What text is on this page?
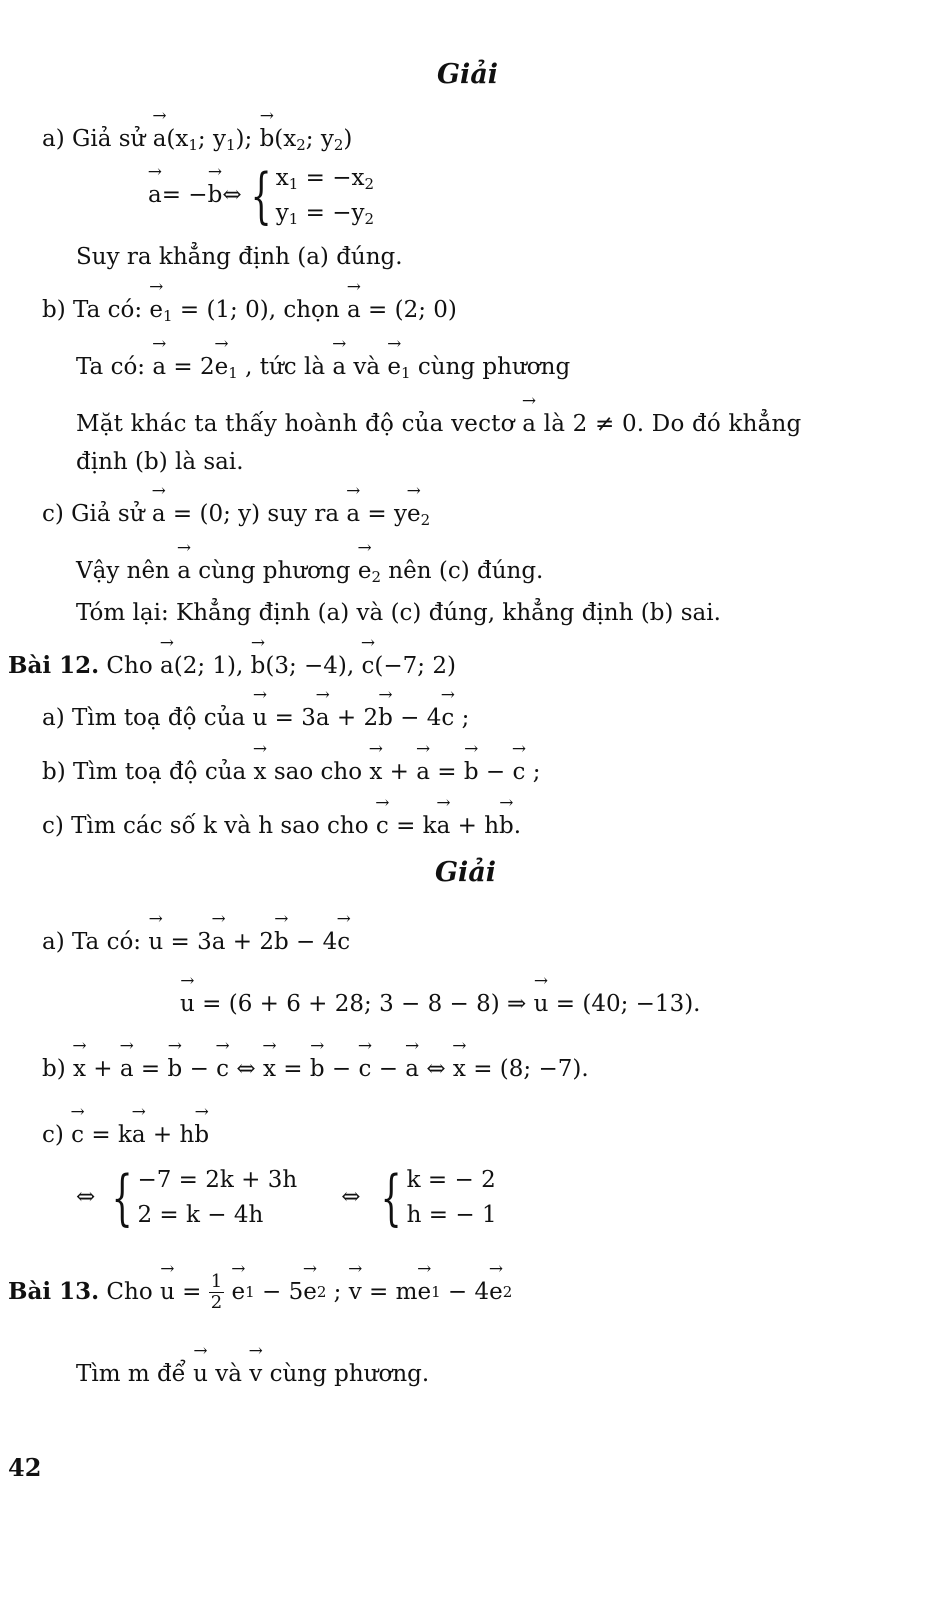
Giải
a) Giả sử → $a(x_1$; $y_1$); → $b(x_2$; $y_2$)
→ a = − → b ⇔ { $x_1 = -x_2$
$y_1 = -y_2$
Suy ra khẳng định (a) đúng.
b) Ta có: → $e_1 = (1$; 0), chọn → a = (2; 0)
Ta có: → $a = 2\to e_1$ , tức là → a và → $e_1$ cùng phương
Mặt khác ta thấy hoành độ của vectơ → a là 2 ≠ 0. Do đó khẳng
định (b) là sai.
c) Giả sử → a = (0; y) suy ra → $a = y\to e_2$
Vậy nên → a cùng phương → $e_2$ nên (c) đúng.
Tóm lại: Khẳng định (a) và (c) đúng, khẳng định (b) sai.
Bài 12. Cho → a(2; 1), → b(3; −4), → c(−7; 2)
a) Tìm toạ độ của → u = 3→ a + 2→ b − 4→ c ;
b) Tìm toạ độ của → x sao cho → x + → a = → b − → c ;
c) Tìm các số k và h sao cho → c = k→ a + h→ b.
Giải
a) Ta có: → u = 3→ a + 2→ b − 4→ c
→ u = (6 + 6 + 28; 3 − 8 − 8) ⇒ → u = (40; −13).
b) → x + → a = → b − → c ⇔ → x = → b − → c − → a ⇔ → x = (8; −7).
c) → c = k→ a + h→ b
⇔ { −7 = 2k + 3h
2 = k − 4h
⇔ { k = − 2
h = − 1
Bài 13. Cho → $u = \frac{1}{2}$
→ e 1 − 5 → e 2 ; → v = m → e 1 − 4 → e 2
Tìm m để → u và → v cùng phương.
42
